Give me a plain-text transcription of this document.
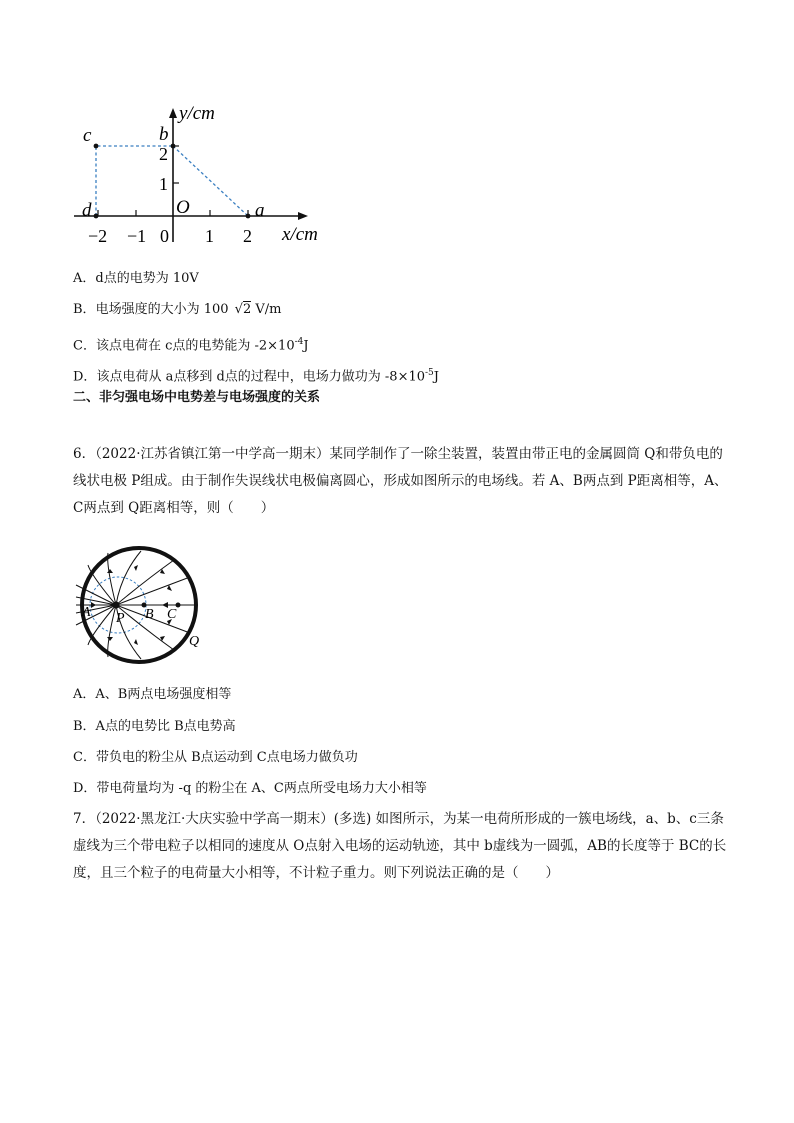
y/cm
x/cm
O
c	b
d	a
−2 −1 0 1 2
1
2
A．d点的电势为 10V
B．电场强度的大小为 100 √2 V/m
C．该点电荷在 c点的电势能为 $-2\times 10^{-4}J$
D．该点电荷从 a点移到 d点的过程中，电场力做功为 $-8\times 10^{-5}J$
二、非匀强电场中电势差与电场强度的关系
6．（2022·江苏省镇江第一中学高一期末）某同学制作了一除尘装置，装置由带正电的金属圆筒 Q和带负电的线状电极 P组成。由于制作失误线状电极偏离圆心，形成如图所示的电场线。若 A、B两点到 P距离相等，A、C两点到 Q距离相等，则（　　）
A P B C
Q
A．A、B两点电场强度相等
B．A点的电势比 B点电势高
C．带负电的粉尘从 B点运动到 C点电场力做负功
D．带电荷量均为 -q 的粉尘在 A、C两点所受电场力大小相等
7．（2022·黑龙江·大庆实验中学高一期末）(多选) 如图所示，为某一电荷所形成的一簇电场线，a、b、c三条虚线为三个带电粒子以相同的速度从 O点射入电场的运动轨迹，其中 b虚线为一圆弧，AB的长度等于 BC的长度，且三个粒子的电荷量大小相等，不计粒子重力。则下列说法正确的是（　　）
